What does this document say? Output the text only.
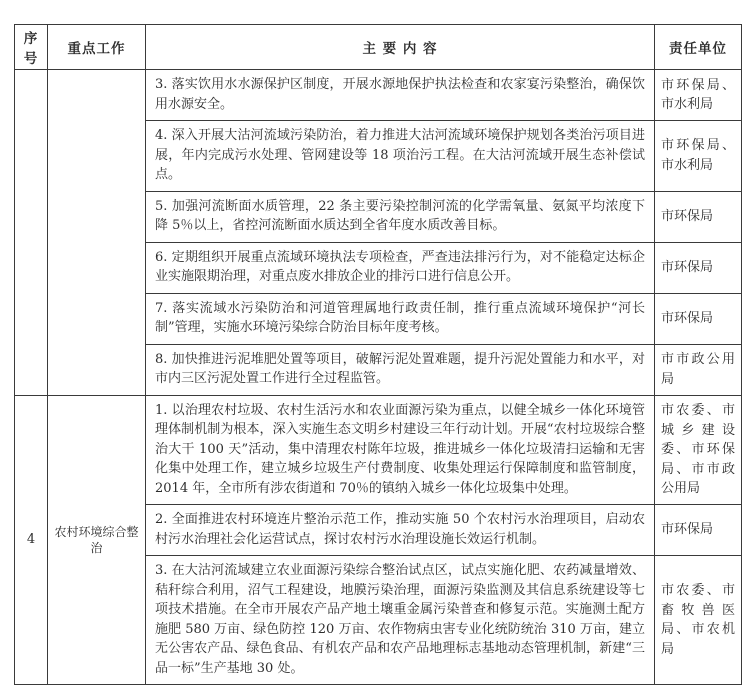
序号	重点工作	主 要 内 容	责任单位
		3. 落实饮用水水源保护区制度，开展水源地保护执法检查和农家宴污染整治，确保饮用水源安全。	市环保局、市水利局
		4. 深入开展大沽河流域污染防治，着力推进大沽河流域环境保护规划各类治污项目进展，年内完成污水处理、管网建设等 18 项治污工程。在大沽河流域开展生态补偿试点。	市环保局、市水利局
		5. 加强河流断面水质管理，22 条主要污染控制河流的化学需氧量、氨氮平均浓度下降 5％以上，省控河流断面水质达到全省年度水质改善目标。	市环保局
		6. 定期组织开展重点流域环境执法专项检查，严查违法排污行为，对不能稳定达标企业实施限期治理，对重点废水排放企业的排污口进行信息公开。	市环保局
		7. 落实流域水污染防治和河道管理属地行政责任制，推行重点流域环境保护“河长制”管理，实施水环境污染综合防治目标年度考核。	市环保局
		8. 加快推进污泥堆肥处置等项目，破解污泥处置难题，提升污泥处置能力和水平，对市内三区污泥处置工作进行全过程监管。	市市政公用局
4	农村环境综合整治	1. 以治理农村垃圾、农村生活污水和农业面源污染为重点，以健全城乡一体化环境管理体制机制为根本，深入实施生态文明乡村建设三年行动计划。开展“农村垃圾综合整治大干 100 天”活动，集中清理农村陈年垃圾，推进城乡一体化垃圾清扫运输和无害化集中处理工作，建立城乡垃圾生产付费制度、收集处理运行保障制度和监管制度，2014 年，全市所有涉农街道和 70％的镇纳入城乡一体化垃圾集中处理。	市农委、市城乡建设委、市环保局、市市政公用局
		2. 全面推进农村环境连片整治示范工作，推动实施 50 个农村污水治理项目，启动农村污水治理社会化运营试点，探讨农村污水治理设施长效运行机制。	市环保局
		3. 在大沽河流域建立农业面源污染综合整治试点区，试点实施化肥、农药减量增效、秸秆综合利用，沼气工程建设，地膜污染治理，面源污染监测及其信息系统建设等七项技术措施。在全市开展农产品产地土壤重金属污染普查和修复示范。实施测土配方施肥 580 万亩、绿色防控 120 万亩、农作物病虫害专业化统防统治 310 万亩，建立无公害农产品、绿色食品、有机农产品和农产品地理标志基地动态管理机制，新建“三品一标”生产基地 30 处。	市农委、市畜牧兽医局、市农机局
